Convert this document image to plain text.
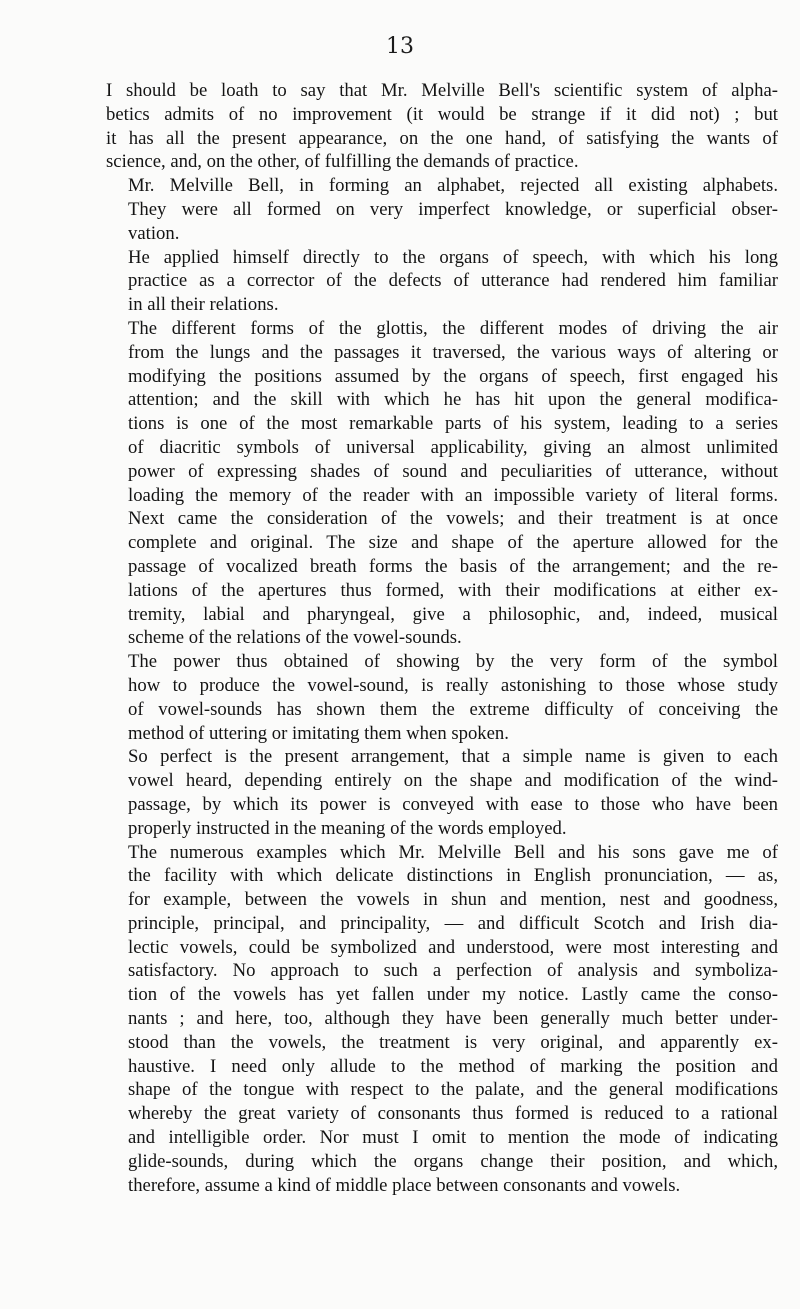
13

I should be loath to say that Mr. Melville Bell's scientific system of alpha-
betics admits of no improvement (it would be strange if it did not) ; but
it has all the present appearance, on the one hand, of satisfying the wants of
science, and, on the other, of fulfilling the demands of practice.

Mr. Melville Bell, in forming an alphabet, rejected all existing alphabets.
They were all formed on very imperfect knowledge, or superficial obser-
vation.

He applied himself directly to the organs of speech, with which his long
practice as a corrector of the defects of utterance had rendered him familiar
in all their relations.

The different forms of the glottis, the different modes of driving the air
from the lungs and the passages it traversed, the various ways of altering or
modifying the positions assumed by the organs of speech, first engaged his
attention; and the skill with which he has hit upon the general modifica-
tions is one of the most remarkable parts of his system, leading to a series
of diacritic symbols of universal applicability, giving an almost unlimited
power of expressing shades of sound and peculiarities of utterance, without
loading the memory of the reader with an impossible variety of literal forms.
Next came the consideration of the vowels; and their treatment is at once
complete and original. The size and shape of the aperture allowed for the
passage of vocalized breath forms the basis of the arrangement; and the re-
lations of the apertures thus formed, with their modifications at either ex-
tremity, labial and pharyngeal, give a philosophic, and, indeed, musical
scheme of the relations of the vowel-sounds.

The power thus obtained of showing by the very form of the symbol
how to produce the vowel-sound, is really astonishing to those whose study
of vowel-sounds has shown them the extreme difficulty of conceiving the
method of uttering or imitating them when spoken.

So perfect is the present arrangement, that a simple name is given to each
vowel heard, depending entirely on the shape and modification of the wind-
passage, by which its power is conveyed with ease to those who have been
properly instructed in the meaning of the words employed.

The numerous examples which Mr. Melville Bell and his sons gave me of
the facility with which delicate distinctions in English pronunciation, — as,
for example, between the vowels in shun and mention, nest and goodness,
principle, principal, and principality, — and difficult Scotch and Irish dia-
lectic vowels, could be symbolized and understood, were most interesting and
satisfactory. No approach to such a perfection of analysis and symboliza-
tion of the vowels has yet fallen under my notice. Lastly came the conso-
nants ; and here, too, although they have been generally much better under-
stood than the vowels, the treatment is very original, and apparently ex-
haustive. I need only allude to the method of marking the position and
shape of the tongue with respect to the palate, and the general modifications
whereby the great variety of consonants thus formed is reduced to a rational
and intelligible order. Nor must I omit to mention the mode of indicating
glide-sounds, during which the organs change their position, and which,
therefore, assume a kind of middle place between consonants and vowels.
